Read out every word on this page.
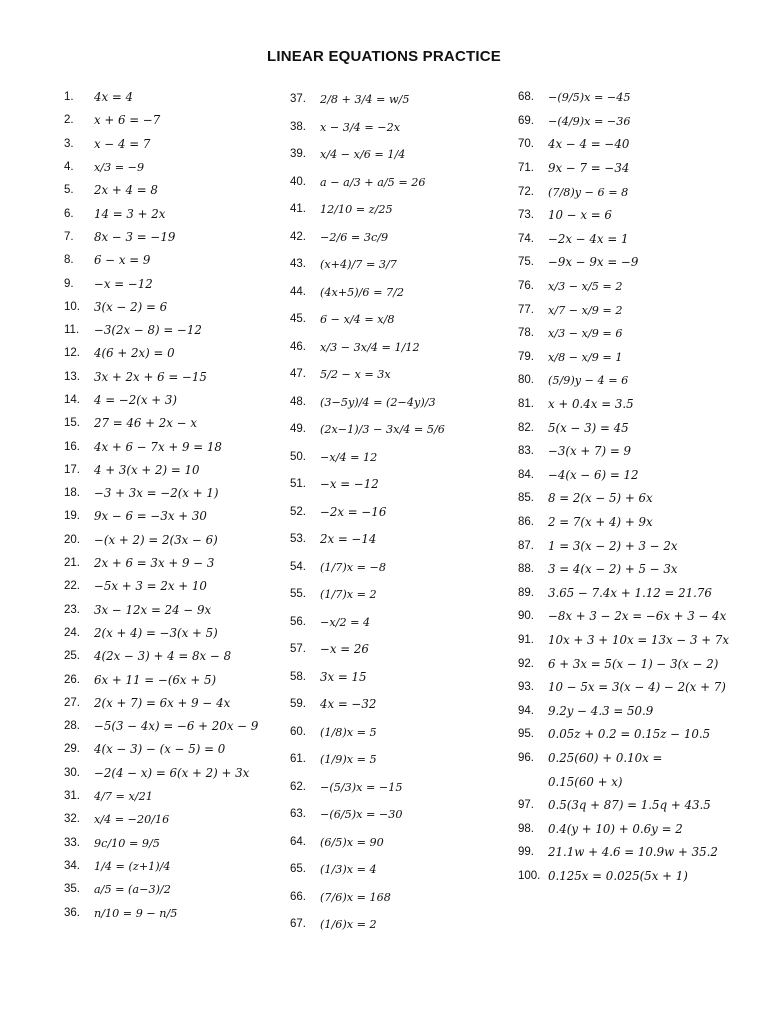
LINEAR EQUATIONS PRACTICE
1.	4x = 4
2.	x + 6 = −7
3.	x − 4 = 7
4.	x/3 = −9
5.	2x + 4 = 8
6.	14 = 3 + 2x
7.	8x − 3 = −19
8.	6 − x = 9
9.	−x = −12
10.	3(x − 2) = 6
11.	−3(2x − 8) = −12
12.	4(6 + 2x) = 0
13.	3x + 2x + 6 = −15
14.	4 = −2(x + 3)
15.	27 = 46 + 2x − x
16.	4x + 6 − 7x + 9 = 18
17.	4 + 3(x + 2) = 10
18.	−3 + 3x = −2(x + 1)
19.	9x − 6 = −3x + 30
20.	−(x + 2) = 2(3x − 6)
21.	2x + 6 = 3x + 9 − 3
22.	−5x + 3 = 2x + 10
23.	3x − 12x = 24 − 9x
24.	2(x + 4) = −3(x + 5)
25.	4(2x − 3) + 4 = 8x − 8
26.	6x + 11 = −(6x + 5)
27.	2(x + 7) = 6x + 9 − 4x
28.	−5(3 − 4x) = −6 + 20x − 9
29.	4(x − 3) − (x − 5) = 0
30.	−2(4 − x) = 6(x + 2) + 3x
31.	4/7 = x/21
32.	x/4 = −20/16
33.	9c/10 = 9/5
34.	1/4 = (z+1)/4
35.	a/5 = (a−3)/2
36.	n/10 = 9 − n/5
37.	2/8 + 3/4 = w/5
38.	x − 3/4 = −2x
39.	x/4 − x/6 = 1/4
40.	a − a/3 + a/5 = 26
41.	12/10 = z/25
42.	−2/6 = 3c/9
43.	(x+4)/7 = 3/7
44.	(4x+5)/6 = 7/2
45.	6 − x/4 = x/8
46.	x/3 − 3x/4 = 1/12
47.	5/2 − x = 3x
48.	(3−5y)/4 = (2−4y)/3
49.	(2x−1)/3 − 3x/4 = 5/6
50.	−x/4 = 12
51.	−x = −12
52.	−2x = −16
53.	2x = −14
54.	(1/7)x = −8
55.	(1/7)x = 2
56.	−x/2 = 4
57.	−x = 26
58.	3x = 15
59.	4x = −32
60.	(1/8)x = 5
61.	(1/9)x = 5
62.	−(5/3)x = −15
63.	−(6/5)x = −30
64.	(6/5)x = 90
65.	(1/3)x = 4
66.	(7/6)x = 168
67.	(1/6)x = 2
68.	−(9/5)x = −45
69.	−(4/9)x = −36
70.	4x − 4 = −40
71.	9x − 7 = −34
72.	(7/8)y − 6 = 8
73.	10 − x = 6
74.	−2x − 4x = 1
75.	−9x − 9x = −9
76.	x/3 − x/5 = 2
77.	x/7 − x/9 = 2
78.	x/3 − x/9 = 6
79.	x/8 − x/9 = 1
80.	(5/9)y − 4 = 6
81.	x + 0.4x = 3.5
82.	5(x − 3) = 45
83.	−3(x + 7) = 9
84.	−4(x − 6) = 12
85.	8 = 2(x − 5) + 6x
86.	2 = 7(x + 4) + 9x
87.	1 = 3(x − 2) + 3 − 2x
88.	3 = 4(x − 2) + 5 − 3x
89.	3.65 − 7.4x + 1.12 = 21.76
90.	−8x + 3 − 2x = −6x + 3 − 4x
91.	10x + 3 + 10x = 13x − 3 + 7x
92.	6 + 3x = 5(x − 1) − 3(x − 2)
93.	10 − 5x = 3(x − 4) − 2(x + 7)
94.	9.2y − 4.3 = 50.9
95.	0.05z + 0.2 = 0.15z − 10.5
96.	0.25(60) + 0.10x =
0.15(60 + x)
97.	0.5(3q + 87) = 1.5q + 43.5
98.	0.4(y + 10) + 0.6y = 2
99.	21.1w + 4.6 = 10.9w + 35.2
100. 0.125x = 0.025(5x + 1)
